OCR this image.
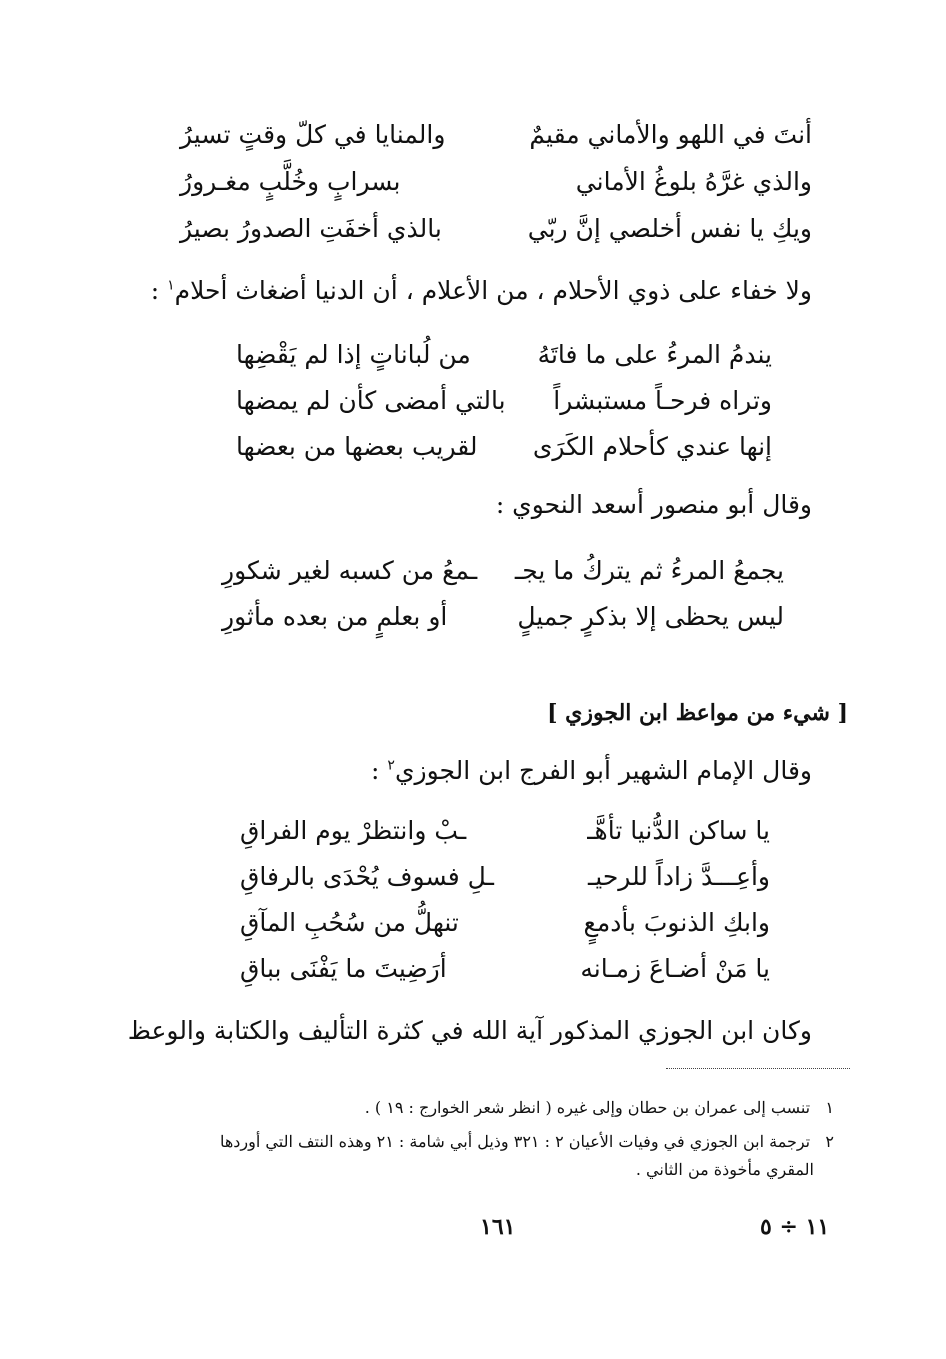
أنتَ في اللهو والأماني مقيمٌ
والمنايا في كلّ وقتٍ تسيرُ
والذي غرَّهُ بلوغُ الأماني
بسرابٍ وخُلَّبٍ مغـرورُ
ويكِ يا نفس أخلصي إنَّ ربّي
بالذي أخفَتِ الصدورُ بصيرُ
ولا خفاء على ذوي الأحلام ، من الأعلام ، أن الدنيا أضغاث أحلام$^١$ :
يندمُ المرءُ على ما فاتَهُ
من لُباناتٍ إذا لم يَقْضِها
وتراه فرحـاً مستبشراً
بالتي أمضى كأن لم يمضها
إنها عندي كأحلام الكَرَى
لقريب بعضها من بعضها
وقال أبو منصور أسعد النحوي :
يجمعُ المرءُ ثم يتركُ ما يجـ
ـمعُ من كسبه لغير شكورِ
ليس يحظى إلا بذكرٍ جميلٍ
أو بعلمٍ من بعده مأثورِ
[ شيء من مواعظ ابن الجوزي ]
وقال الإمام الشهير أبو الفرج ابن الجوزي$^٢$ :
يا ساكن الدُّنيا تأهَّـ
ـبْ وانتظرْ يوم الفراقِ
وأعِـــدَّ زاداً للرحيـ
ـلِ فسوف يُحْدَى بالرفاقِ
وابكِ الذنوبَ بأدمعٍ
تنهلُّ من سُحُبِ المآقِ
يا مَنْ أضـاعَ زمـانه
أرَضِيتَ ما يَفْنَى بباقِ
وكان ابن الجوزي المذكور آية الله في كثرة التأليف والكتابة والوعظ
١   تنسب إلى عمران بن حطان وإلى غيره ( انظر شعر الخوارج : ١٩ ) .
٢   ترجمة ابن الجوزي في وفيات الأعيان ٢ : ٣٢١ وذيل أبي شامة : ٢١ وهذه النتف التي أوردها
المقري مأخوذة من الثاني .
١٦١	١١ ÷ ٥
